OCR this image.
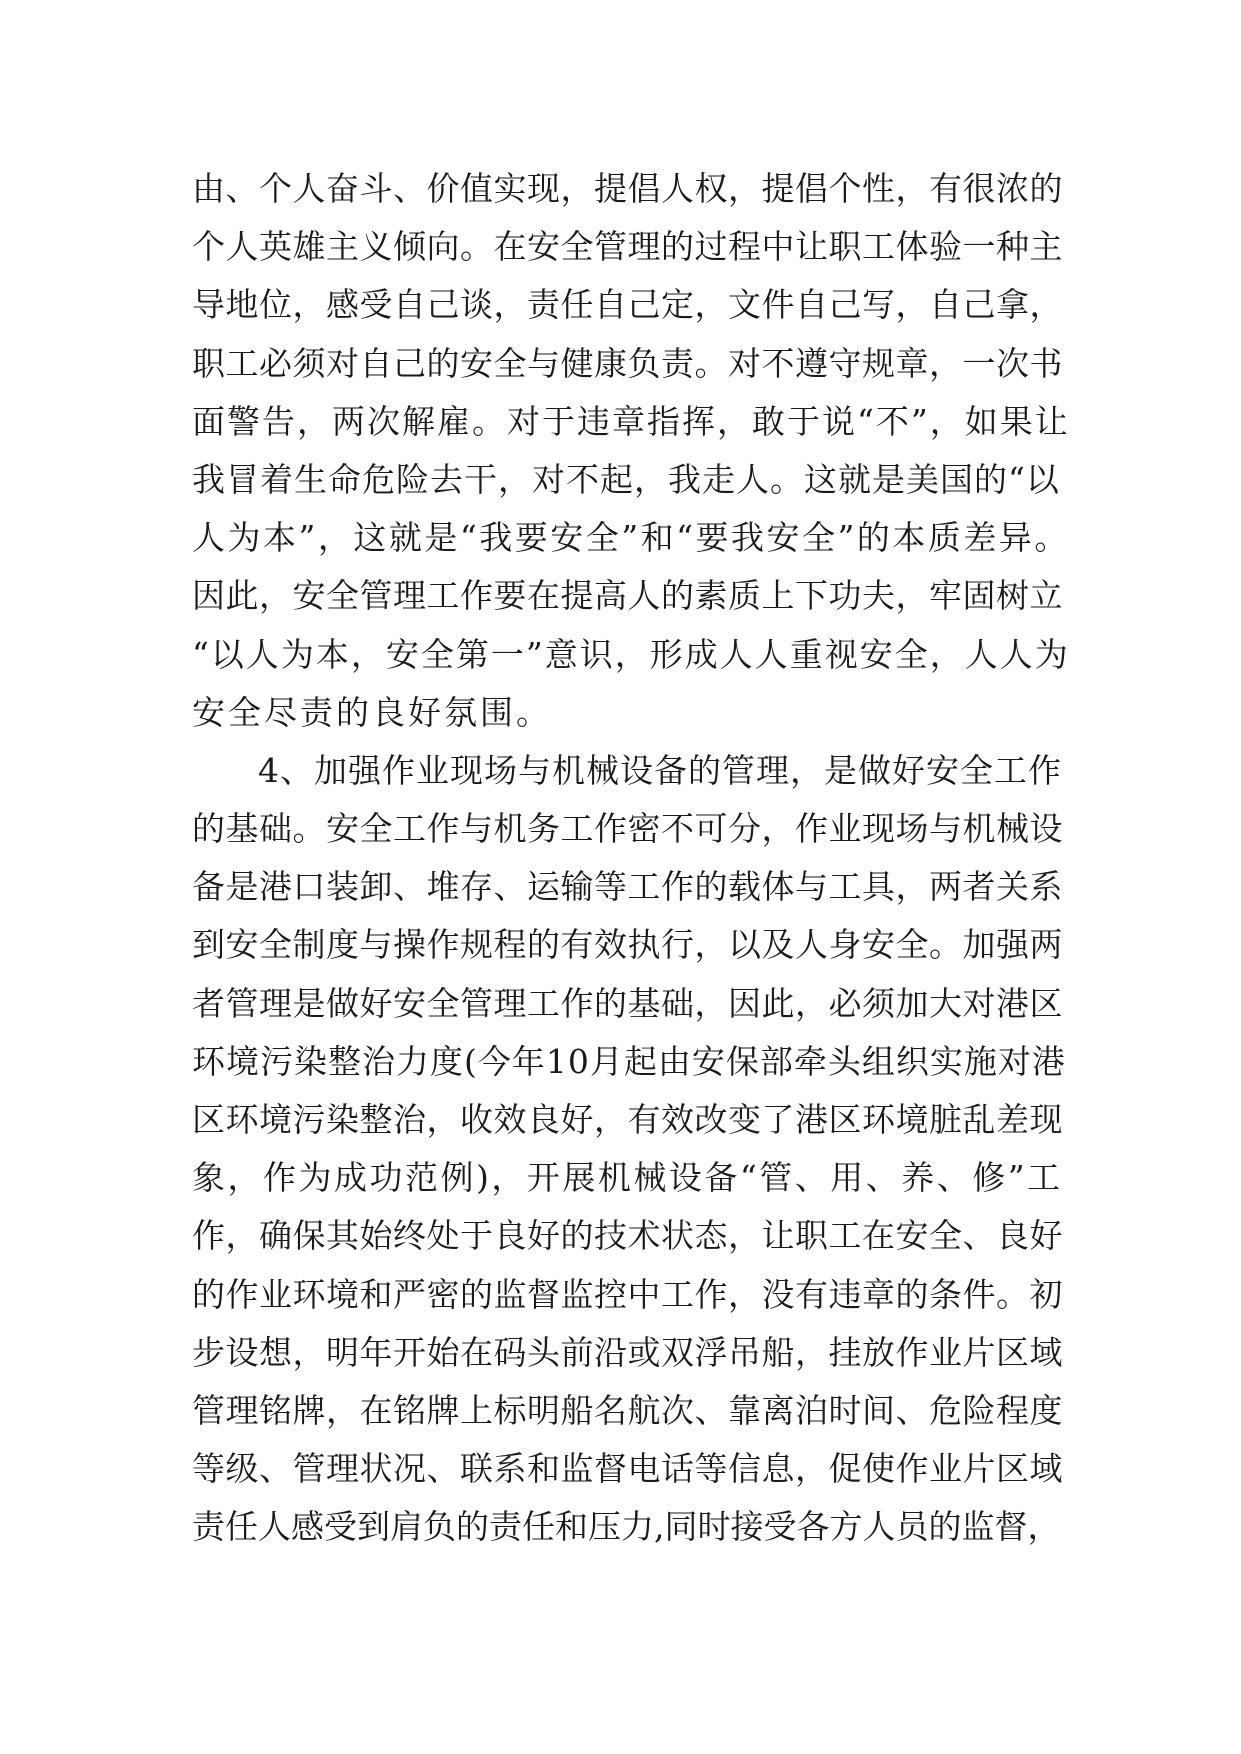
由、个人奋斗、价值实现，提倡人权，提倡个性，有很浓的
个人英雄主义倾向。在安全管理的过程中让职工体验一种主
导地位，感受自己谈，责任自己定，文件自己写，自己拿，
职工必须对自己的安全与健康负责。对不遵守规章，一次书
面警告，两次解雇。对于违章指挥，敢于说“不”，如果让
我冒着生命危险去干，对不起，我走人。这就是美国的“以
人为本”，这就是“我要安全”和“要我安全”的本质差异。
因此，安全管理工作要在提高人的素质上下功夫，牢固树立
“以人为本，安全第一”意识，形成人人重视安全，人人为
安全尽责的良好氛围。
4、加强作业现场与机械设备的管理，是做好安全工作
的基础。安全工作与机务工作密不可分，作业现场与机械设
备是港口装卸、堆存、运输等工作的载体与工具，两者关系
到安全制度与操作规程的有效执行，以及人身安全。加强两
者管理是做好安全管理工作的基础，因此，必须加大对港区
环境污染整治力度(今年10月起由安保部牵头组织实施对港
区环境污染整治，收效良好，有效改变了港区环境脏乱差现
象，作为成功范例)，开展机械设备“管、用、养、修”工
作，确保其始终处于良好的技术状态，让职工在安全、良好
的作业环境和严密的监督监控中工作，没有违章的条件。初
步设想，明年开始在码头前沿或双浮吊船，挂放作业片区域
管理铭牌，在铭牌上标明船名航次、靠离泊时间、危险程度
等级、管理状况、联系和监督电话等信息，促使作业片区域
责任人感受到肩负的责任和压力,同时接受各方人员的监督，
